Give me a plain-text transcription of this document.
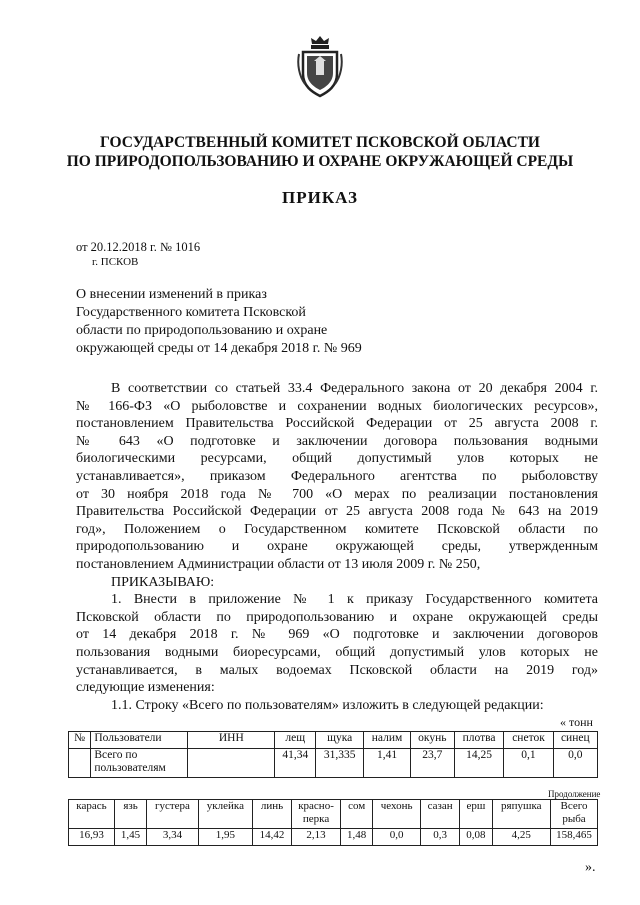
ГОСУДАРСТВЕННЫЙ КОМИТЕТ ПСКОВСКОЙ ОБЛАСТИ
ПО ПРИРОДОПОЛЬЗОВАНИЮ И ОХРАНЕ ОКРУЖАЮЩЕЙ СРЕДЫ
ПРИКАЗ
от 20.12.2018 г. № 1016
г. ПСКОВ
О внесении изменений в приказ
Государственного комитета Псковской
области по природопользованию и охране
окружающей среды от 14 декабря 2018 г. № 969
В соответствии со статьей 33.4 Федерального закона от 20 декабря 2004 г.
№ 166-ФЗ «О рыболовстве и сохранении водных биологических ресурсов»,
постановлением Правительства Российской Федерации от 25 августа 2008 г.
№ 643 «О подготовке и заключении договора пользования водными
биологическими ресурсами, общий допустимый улов которых не
устанавливается», приказом Федерального агентства по рыболовству
от 30 ноября 2018 года № 700 «О мерах по реализации постановления
Правительства Российской Федерации от 25 августа 2008 года № 643 на 2019
год», Положением о Государственном комитете Псковской области по
природопользованию и охране окружающей среды, утвержденным
постановлением Администрации области от 13 июля 2009 г. № 250,
ПРИКАЗЫВАЮ:
1. Внести в приложение № 1 к приказу Государственного комитета
Псковской области по природопользованию и охране окружающей среды
от 14 декабря 2018 г. № 969 «О подготовке и заключении договоров
пользования водными биоресурсами, общий допустимый улов которых не
устанавливается, в малых водоемах Псковской области на 2019 год»
следующие изменения:
1.1. Строку «Всего по пользователям» изложить в следующей редакции:
« тонн
№	Пользователи	ИНН	лещ	щука	налим	окунь	плотва	снеток	синец
	Всего по пользователям		41,34	31,335	1,41	23,7	14,25	0,1	0,0
Продолжение
карась	язь	густера	уклейка	линь	красно-перка	сом	чехонь	сазан	ерш	ряпушка	Всего рыба
16,93	1,45	3,34	1,95	14,42	2,13	1,48	0,0	0,3	0,08	4,25	158,465
».
